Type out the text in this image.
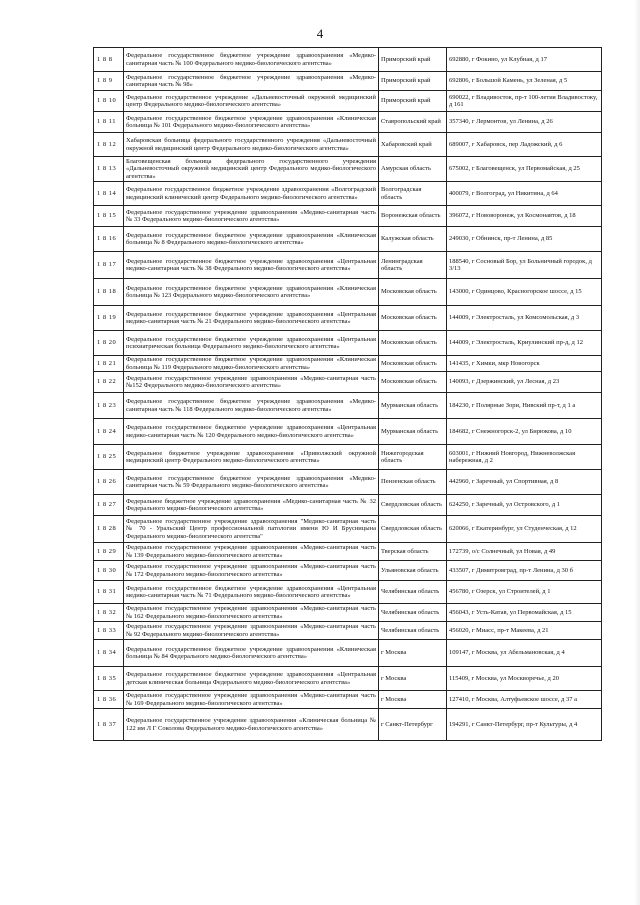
4
1 8 8	Федеральное государственное бюджетное учреждение здравоохранения «Медико-санитарная часть № 100 Федерального медико-биологического агентства»	Приморский край	692880, г Фокино, ул Клубная, д 17
1 8 9	Федеральное государственное бюджетное учреждение здравоохранения «Медико-санитарная часть № 98»	Приморский край	692806, г Большой Камень, ул Зеленая, д 5
1 8 10	Федеральное государственное учреждение «Дальневосточный окружной медицинский центр Федерального медико-биологического агентства»	Приморский край	690022, г Владивосток, пр-т 100-летия Владивостоку, д 161
1 8 11	Федеральное государственное бюджетное учреждение здравоохранения «Клиническая больница № 101 Федерального медико-биологического агентства»	Ставропольский край	357340, г Лермонтов, ул Ленина, д 26
1 8 12	Хабаровская больница федерального государственного учреждения «Дальневосточный окружной медицинский центр Федерального медико-биологического агентства»	Хабаровский край	689007, г Хабаровск, пер Ладожский, д 6
1 8 13	Благовещенская больница федерального государственного учреждения «Дальневосточный окружной медицинский центр Федерального медико-биологического агентства»	Амурская область	675002, г Благовещенск, ул Первомайская, д 25
1 8 14	Федеральное государственное бюджетное учреждение здравоохранения «Волгоградский медицинский клинический центр Федерального медико-биологического агентства»	Волгоградская область	400079, г Волгоград, ул Никитина, д 64
1 8 15	Федеральное государственное учреждение здравоохранения «Медико-санитарная часть № 33 Федерального медико-биологического агентства»	Воронежская область	396072, г Нововоронеж, ул Космонавтов, д 18
1 8 16	Федеральное государственное бюджетное учреждение здравоохранения «Клиническая больница № 8 Федерального медико-биологического агентства»	Калужская область	249030, г Обнинск, пр-т Ленина, д 85
1 8 17	Федеральное государственное бюджетное учреждение здравоохранения «Центральная медико-санитарная часть № 38 Федерального медико-биологического агентства»	Ленинградская область	188540, г Сосновый Бор, ул Больничный городок, д 3/13
1 8 18	Федеральное государственное бюджетное учреждение здравоохранения «Клиническая больница № 123 Федерального медико-биологического агентства»	Московская область	143000, г Одинцово, Красногорское шоссе, д 15
1 8 19	Федеральное государственное бюджетное учреждение здравоохранения «Центральная медико-санитарная часть № 21 Федерального медико-биологического агентства»	Московская область	144009, г Электросталь, ул Комсомольская, д 3
1 8 20	Федеральное государственное бюджетное учреждение здравоохранения «Центральная психиатрическая больница Федерального медико-биологического агентства»	Московская область	144009, г Электросталь, Криулинский пр-д, д 12
1 8 21	Федеральное государственное бюджетное учреждение здравоохранения «Клиническая больница № 119 Федерального медико-биологического агентства»	Московская область	141435, г Химки, мкр Новогорск
1 8 22	Федеральное государственное учреждение здравоохранения «Медико-санитарная часть №152 Федерального медико-биологического агентства»	Московская область	140093, г Дзержинский, ул Лесная, д 23
1 8 23	Федеральное государственное бюджетное учреждение здравоохранения «Медико-санитарная часть № 118 Федерального медико-биологического агентства»	Мурманская область	184230, г Полярные Зори, Нивский пр-т, д 1 а
1 8 24	Федеральное государственное бюджетное учреждение здравоохранения «Центральная медико-санитарная часть № 120 Федерального медико-биологического агентства»	Мурманская область	184682, г Снежногорск-2, ул Бирюкова, д 10
1 8 25	Федеральное бюджетное учреждение здравоохранения «Приволжский окружной медицинский центр Федерального медико-биологического агентства»	Нижегородская область	603001, г Нижний Новгород, Нижневолжская набережная, д 2
1 8 26	Федеральное государственное бюджетное учреждение здравоохранения «Медико-санитарная часть № 59 Федерального медико-биологического агентства»	Пензенская область	442960, г Заречный, ул Спортивная, д 8
1 8 27	Федеральное бюджетное учреждение здравоохранения «Медико-санитарная часть № 32 Федерального медико-биологического агентства»	Свердловская область	624250, г Заречный, ул Островского, д 1
1 8 28	Федеральное государственное учреждение здравоохранения "Медико-санитарная часть № 70 - Уральский Центр профессиональной патологии имени Ю И Брусницына Федерального медико-биологического агентства"	Свердловская область	620066, г Екатеринбург, ул Студенческая, д 12
1 8 29	Федеральное государственное учреждение здравоохранения «Медико-санитарная часть № 139 Федерального медико-биологического агентства»	Тверская область	172739, о/с Солнечный, ул Новая, д 49
1 8 30	Федеральное государственное учреждение здравоохранения «Медико-санитарная часть № 172 Федерального медико-биологического агентства»	Ульяновская область	433507, г Димитровград, пр-т Ленина, д 30 б
1 8 31	Федеральное государственное бюджетное учреждение здравоохранения «Центральная медико-санитарная часть № 71 Федерального медико-биологического агентства»	Челябинская область	456780, г Озерск, ул Строителей, д 1
1 8 32	Федеральное государственное учреждение здравоохранения «Медико-санитарная часть № 162 Федерального медико-биологического агентства»	Челябинская область	456043, г Усть-Катав, ул Первомайская, д 15
1 8 33	Федеральное государственное учреждение здравоохранения «Медико-санитарная часть № 92 Федерального медико-биологического агентства»	Челябинская область	456020, г Миасс, пр-т Макеева, д 21
1 8 34	Федеральное государственное бюджетное учреждение здравоохранения «Клиническая больница № 84 Федерального медико-биологического агентства»	г Москва	109147, г Москва, ул Абельмановская, д 4
1 8 35	Федеральное государственное бюджетное учреждение здравоохранения «Центральная детская клиническая больница Федерального медико-биологического агентства»	г Москва	115409, г Москва, ул Москворечье, д 20
1 8 36	Федеральное государственное учреждение здравоохранения «Медико-санитарная часть № 169 Федерального медико-биологического агентства»	г Москва	127410, г Москва, Алтуфьевское шоссе, д 37 а
1 8 37	Федеральное государственное учреждение здравоохранения «Клиническая больница № 122 им Л Г Соколова Федерального медико-биологического агентства»	г Санкт-Петербург	194291, г Санкт-Петербург, пр-т Культуры, д 4
